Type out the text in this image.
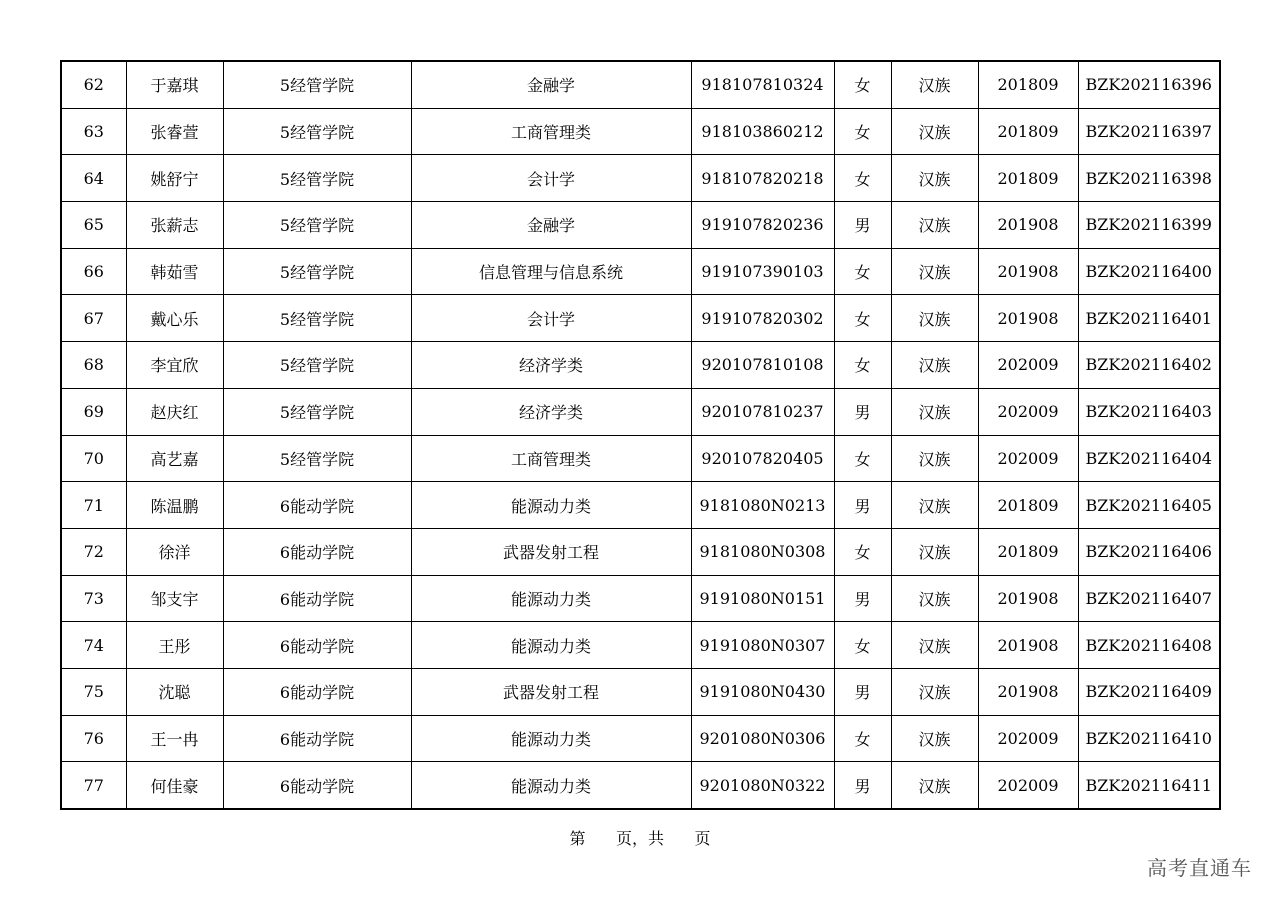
62	于嘉琪	5经管学院	金融学	918107810324	女	汉族	201809	BZK202116396
63	张睿萱	5经管学院	工商管理类	918103860212	女	汉族	201809	BZK202116397
64	姚舒宁	5经管学院	会计学	918107820218	女	汉族	201809	BZK202116398
65	张薪志	5经管学院	金融学	919107820236	男	汉族	201908	BZK202116399
66	韩茹雪	5经管学院	信息管理与信息系统	919107390103	女	汉族	201908	BZK202116400
67	戴心乐	5经管学院	会计学	919107820302	女	汉族	201908	BZK202116401
68	李宜欣	5经管学院	经济学类	920107810108	女	汉族	202009	BZK202116402
69	赵庆红	5经管学院	经济学类	920107810237	男	汉族	202009	BZK202116403
70	高艺嘉	5经管学院	工商管理类	920107820405	女	汉族	202009	BZK202116404
71	陈温鹏	6能动学院	能源动力类	9181080N0213	男	汉族	201809	BZK202116405
72	徐洋	6能动学院	武器发射工程	9181080N0308	女	汉族	201809	BZK202116406
73	邹支宇	6能动学院	能源动力类	9191080N0151	男	汉族	201908	BZK202116407
74	王彤	6能动学院	能源动力类	9191080N0307	女	汉族	201908	BZK202116408
75	沈聪	6能动学院	武器发射工程	9191080N0430	男	汉族	201908	BZK202116409
76	王一冉	6能动学院	能源动力类	9201080N0306	女	汉族	202009	BZK202116410
77	何佳豪	6能动学院	能源动力类	9201080N0322	男	汉族	202009	BZK202116411
第      页，共      页
高考直通车
